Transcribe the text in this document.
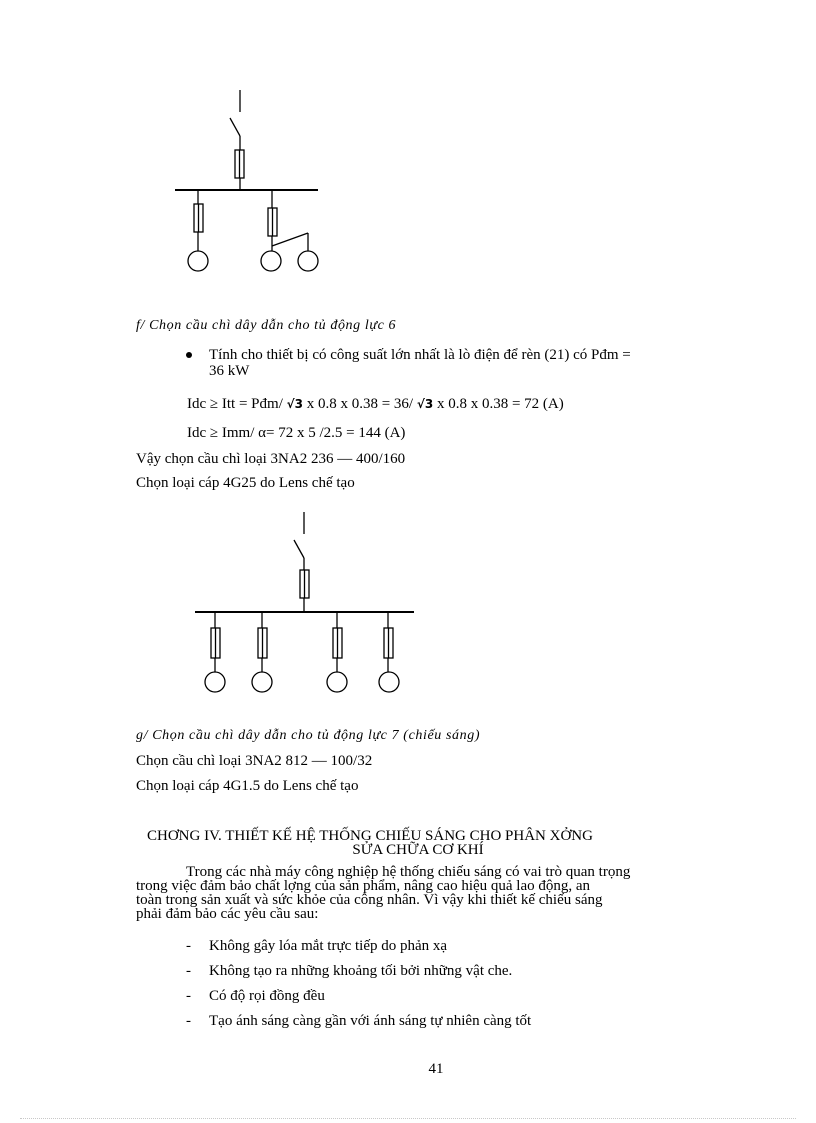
f/ Chọn cầu chì dây dẫn cho tủ động lực 6
Tính cho thiết bị có công suất lớn nhất là lò điện để rèn (21) có Pđm =
36 kW
Idc ≥ Itt = Pđm/ √3 x 0.8 x 0.38 = 36/ √3 x 0.8 x 0.38 = 72 (A)
Idc ≥ Imm/ α= 72 x 5 /2.5 = 144 (A)
Vậy chọn cầu chì loại 3NA2 236 — 400/160
Chọn loại cáp 4G25 do Lens chế tạo
g/ Chọn cầu chì dây dẫn cho tủ động lực 7 (chiếu sáng)
Chọn cầu chì loại 3NA2 812 — 100/32
Chọn loại cáp 4G1.5 do Lens chế tạo
CHƠNG IV. THIẾT KẾ HỆ THỐNG CHIẾU SÁNG CHO PHÂN XỞNG
SỬA CHỮA CƠ KHÍ
Trong các nhà máy công nghiệp hệ thống chiếu sáng có vai trò quan trọng
trong việc đảm bảo chất lợng của sản phẩm, nâng cao hiệu quả lao động, an
toàn trong sản xuất và sức khỏe của công nhân. Vì vậy khi thiết kế chiếu sáng
phải đảm bảo các yêu cầu sau:
- Không gây lóa mắt trực tiếp do phản xạ
- Không tạo ra những khoảng tối bởi những vật che.
- Có độ rọi đồng đều
- Tạo ánh sáng càng gần với ánh sáng tự nhiên càng tốt
41
